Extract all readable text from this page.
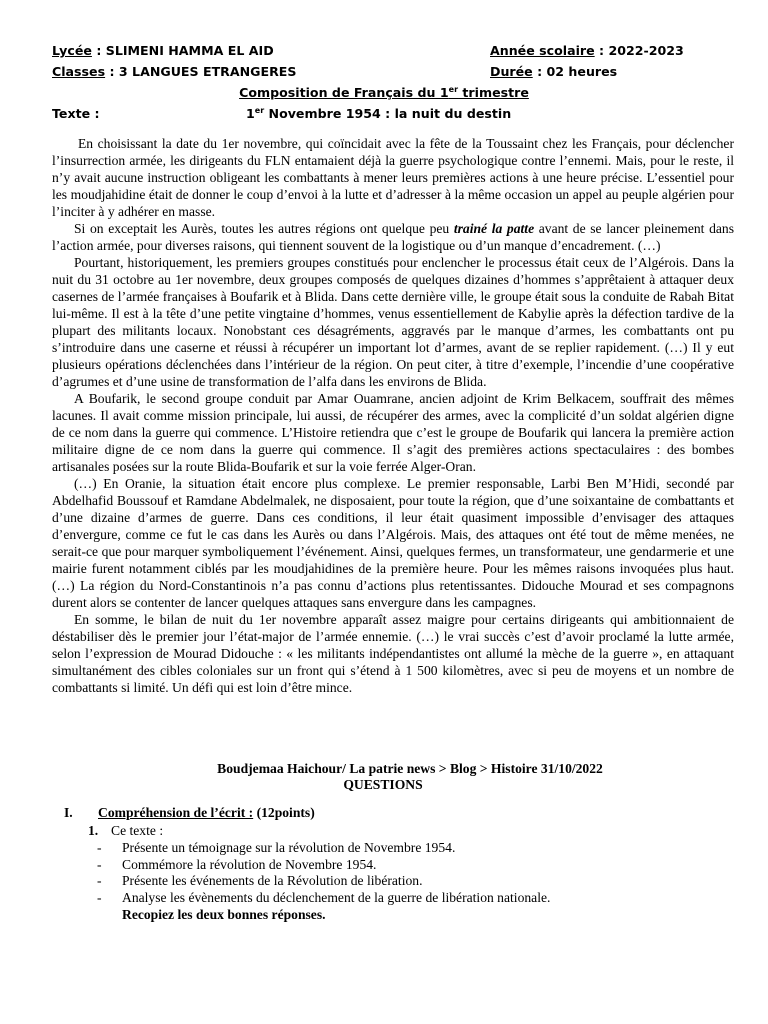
Lycée : SLIMENI HAMMA EL AID	Année scolaire : 2022-2023
Classes : 3 LANGUES ETRANGERES	Durée : 02 heures
Composition de Français du 1er trimestre
Texte :	1er Novembre 1954 : la nuit du destin

En choisissant la date du 1er novembre, qui coïncidait avec la fête de la Toussaint chez les Français, pour déclencher l’insurrection armée, les dirigeants du FLN entamaient déjà la guerre psychologique contre l’ennemi. Mais, pour le reste, il n’y avait aucune instruction obligeant les combattants à mener leurs premières actions à une heure précise. L’essentiel pour les moudjahidine était de donner le coup d’envoi à la lutte et d’adresser à la même occasion un appel au peuple algérien pour l’inciter à y adhérer en masse.

Si on exceptait les Aurès, toutes les autres régions ont quelque peu trainé la patte avant de se lancer pleinement dans l’action armée, pour diverses raisons, qui tiennent souvent de la logistique ou d’un manque d’encadrement. (…)

Pourtant, historiquement, les premiers groupes constitués pour enclencher le processus était ceux de l’Algérois. Dans la nuit du 31 octobre au 1er novembre, deux groupes composés de quelques dizaines d’hommes s’apprêtaient à attaquer deux casernes de l’armée françaises à Boufarik et à Blida. Dans cette dernière ville, le groupe était sous la conduite de Rabah Bitat lui-même. Il est à la tête d’une petite vingtaine d’hommes, venus essentiellement de Kabylie après la défection tardive de la plupart des militants locaux. Nonobstant ces désagréments, aggravés par le manque d’armes, les combattants ont pu s’introduire dans une caserne et réussi à récupérer un important lot d’armes, avant de se replier rapidement. (…) Il y eut plusieurs opérations déclenchées dans l’intérieur de la région. On peut citer, à titre d’exemple, l’incendie d’une coopérative d’agrumes et d’une usine de transformation de l’alfa dans les environs de Blida.

A Boufarik, le second groupe conduit par Amar Ouamrane, ancien adjoint de Krim Belkacem, souffrait des mêmes lacunes. Il avait comme mission principale, lui aussi, de récupérer des armes, avec la complicité d’un soldat algérien digne de ce nom dans la guerre qui commence. L’Histoire retiendra que c’est le groupe de Boufarik qui lancera la première action militaire digne de ce nom dans la guerre qui commence. Il s’agit des premières actions spectaculaires : des bombes artisanales posées sur la route Blida-Boufarik et sur la voie ferrée Alger-Oran.

(…) En Oranie, la situation était encore plus complexe. Le premier responsable, Larbi Ben M’Hidi, secondé par Abdelhafid Boussouf et Ramdane Abdelmalek, ne disposaient, pour toute la région, que d’une soixantaine de combattants et d’une dizaine d’armes de guerre. Dans ces conditions, il leur était quasiment impossible d’envisager des attaques d’envergure, comme ce fut le cas dans les Aurès ou dans l’Algérois. Mais, des attaques ont été tout de même menées, ne serait-ce que pour marquer symboliquement l’événement. Ainsi, quelques fermes, un transformateur, une gendarmerie et une mairie furent notamment ciblés par les moudjahidines de la première heure. Pour les mêmes raisons invoquées plus haut. (…) La région du Nord-Constantinois n’a pas connu d’actions plus retentissantes. Didouche Mourad et ses compagnons durent alors se contenter de lancer quelques attaques sans envergure dans les campagnes.

En somme, le bilan de nuit du 1er novembre apparaît assez maigre pour certains dirigeants qui ambitionnaient de déstabiliser dès le premier jour l’état-major de l’armée ennemie. (…) le vrai succès c’est d’avoir proclamé la lutte armée, selon l’expression de Mourad Didouche : « les militants indépendantistes ont allumé la mèche de la guerre », en attaquant simultanément des cibles coloniales sur un front qui s’étend à 1 500 kilomètres, avec si peu de moyens et un nombre de combattants si limité. Un défi qui est loin d’être mince.

Boudjemaa Haichour/ La patrie news > Blog > Histoire 31/10/2022
QUESTIONS
I. Compréhension de l’écrit : (12points)
1. Ce texte :
- Présente un témoignage sur la révolution de Novembre 1954.
- Commémore la révolution de Novembre 1954.
- Présente les événements de la Révolution de libération.
- Analyse les évènements du déclenchement de la guerre de libération nationale.
Recopiez les deux bonnes réponses.
